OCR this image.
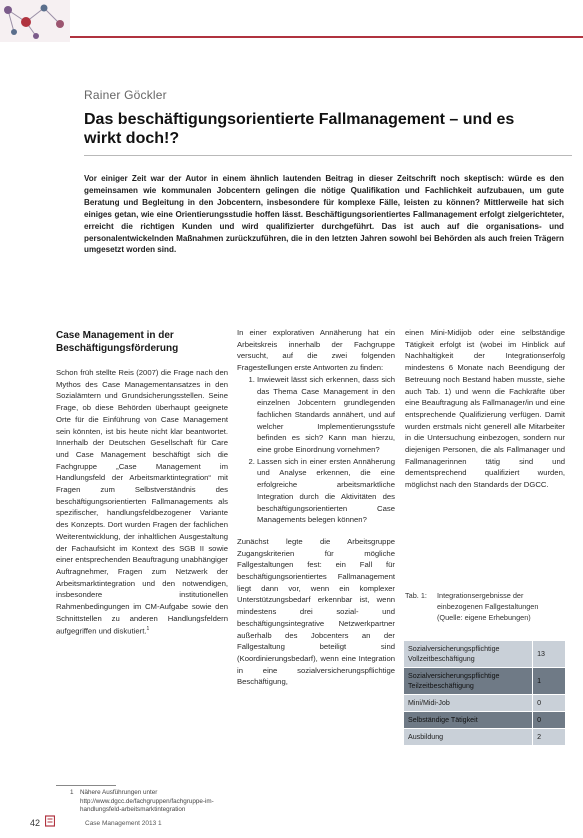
Rainer Göckler
Das beschäftigungsorientierte Fallmanagement – und es wirkt doch!?
Vor einiger Zeit war der Autor in einem ähnlich lautenden Beitrag in dieser Zeitschrift noch skeptisch: würde es den gemeinsamen wie kommunalen Jobcentern gelingen die nötige Qualifikation und Fachlichkeit aufzubauen, um gute Beratung und Begleitung in den Jobcentern, insbesondere für komplexe Fälle, leisten zu können? Mittlerweile hat sich einiges getan, wie eine Orientierungsstudie hoffen lässt. Beschäftigungsorientiertes Fallmanagement erfolgt zielgerichteter, erreicht die richtigen Kunden und wird qualifizierter durchgeführt. Das ist auch auf die organisations- und personalentwickelnden Maßnahmen zurückzuführen, die in den letzten Jahren sowohl bei Behörden als auch freien Trägern umgesetzt worden sind.
Case Management in der Beschäftigungsförderung

Schon früh stellte Reis (2007) die Frage nach den Mythos des Case Managementansatzes in den Sozialämtern und Grundsicherungsstellen. Seine Frage, ob diese Behörden überhaupt geeignete Orte für die Einführung von Case Management sein könnten, ist bis heute nicht klar beantwortet. Innerhalb der Deutschen Gesellschaft für Care und Case Management beschäftigt sich die Fachgruppe „Case Management im Handlungsfeld der Arbeitsmarktintegration“ mit Fragen zum Selbstverständnis des beschäftigungsorientierten Fallmanagements als spezifischer, handlungsfeldbezogener Variante des Konzepts. Dort wurden Fragen der fachlichen Weiterentwicklung, der inhaltlichen Ausgestaltung der Fachaufsicht im Kontext des SGB II sowie einer entsprechenden Beauftragung unabhängiger Auftragnehmer, Fragen zum Netzwerk der Arbeitsmarktintegration und den notwendigen, insbesondere institutionellen Rahmenbedingungen im CM-Aufgabe sowie den Schnittstellen zu anderen Handlungsfeldern aufgegriffen und diskutiert.$^1$

In einer explorativen Annäherung hat ein Arbeitskreis innerhalb der Fachgruppe versucht, auf die zwei folgenden Fragestellungen erste Antworten zu finden:

1. Inwieweit lässt sich erkennen, dass sich das Thema Case Management in den einzelnen Jobcentern grundlegenden fachlichen Standards annähert, und auf welcher Implementierungsstufe befinden es sich? Kann man hierzu, eine grobe Einordnung vornehmen?
2. Lassen sich in einer ersten Annäherung und Analyse erkennen, die eine erfolgreiche arbeitsmarktliche Integration durch die Aktivitäten des beschäftigungsorientierten Case Managements belegen können?

Zunächst legte die Arbeitsgruppe Zugangskriterien für mögliche Fallgestaltungen fest: ein Fall für beschäftigungsorientiertes Fallmanagement liegt dann vor, wenn ein komplexer Unterstützungsbedarf erkennbar ist, wenn mindestens drei sozial- und beschäftigungsintegrative Netzwerkpartner außerhalb des Jobcenters an der Fallgestaltung beteiligt sind (Koordinierungsbedarf), wenn eine Integration in eine sozialversicherungspflichtige Beschäftigung,

einen Mini-Midijob oder eine selbständige Tätigkeit erfolgt ist (wobei im Hinblick auf Nachhaltigkeit der Integrationserfolg mindestens 6 Monate nach Beendigung der Betreuung noch Bestand haben musste, siehe auch Tab. 1) und wenn die Fachkräfte über eine Beauftragung als Fallmanager/in und eine entsprechende Qualifizierung verfügen. Damit wurden erstmals nicht generell alle Mitarbeiter in die Untersuchung einbezogen, sondern nur diejenigen Personen, die als Fallmanager und Fallmanagerinnen tätig sind und dementsprechend qualifiziert wurden, möglichst nach den Standards der DGCC.

Tab. 1: Integrationsergebnisse der einbezogenen Fallgestaltungen (Quelle: eigene Erhebungen)
Sozialversicherungspflichtige Vollzeitbeschäftigung	13
Sozialversicherungspflichtige Teilzeitbeschäftigung	1
Mini/Midi-Job	0
Selbständige Tätigkeit	0
Ausbildung	2
1 Nähere Ausführungen unter http://www.dgcc.de/fachgruppen/fachgruppe-im-handlungsfeld-arbeitsmarktintegration
42	Case Management 2013 1
